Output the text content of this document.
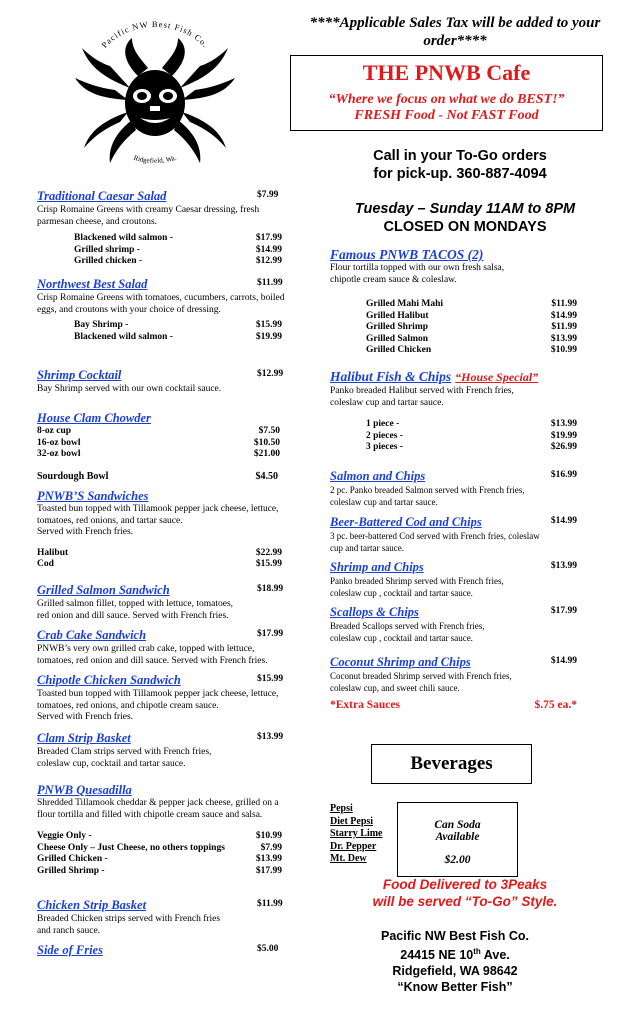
Pacific NW Best Fish Co.
Ridgefield, Wa.
****Applicable Sales Tax will be added to your order****
THE PNWB Cafe
“Where we focus on what we do BEST!”
FRESH Food - Not FAST Food
Call in your To-Go orders
for pick-up. 360-887-4094
Tuesday – Sunday 11AM to 8PM
CLOSED ON MONDAYS
Traditional Caesar Salad	$7.99
Crisp Romaine Greens with creamy Caesar dressing, fresh parmesan cheese, and croutons.
Blackened wild salmon -	$17.99
Grilled shrimp -	$14.99
Grilled chicken -	$12.99
Northwest Best Salad	$11.99
Crisp Romaine Greens with tomatoes, cucumbers, carrots, boiled eggs, and croutons with your choice of dressing.
Bay Shrimp -	$15.99
Blackened wild salmon -	$19.99
Shrimp Cocktail	$12.99
Bay Shrimp served with our own cocktail sauce.
House Clam Chowder
8-oz cup	$7.50
16-oz bowl	$10.50
32-oz bowl	$21.00
Sourdough Bowl	$4.50
PNWB’S Sandwiches
Toasted bun topped with Tillamook pepper jack cheese, lettuce, tomatoes, red onions, and tartar sauce.
Served with French fries.
Halibut	$22.99
Cod	$15.99
Grilled Salmon Sandwich	$18.99
Grilled salmon fillet, topped with lettuce, tomatoes, red onion and dill sauce. Served with French fries.
Crab Cake Sandwich	$17.99
PNWB’s very own grilled crab cake, topped with lettuce, tomatoes, red onion and dill sauce. Served with French fries.
Chipotle Chicken Sandwich	$15.99
Toasted bun topped with Tillamook pepper jack cheese, lettuce, tomatoes, red onions, and chipotle cream sauce.
Served with French fries.
Clam Strip Basket	$13.99
Breaded Clam strips served with French fries, coleslaw cup, cocktail and tartar sauce.
PNWB Quesadilla
Shredded Tillamook cheddar & pepper jack cheese, grilled on a flour tortilla and filled with chipotle cream sauce and salsa.
Veggie Only -	$10.99
Cheese Only – Just Cheese, no others toppings	$7.99
Grilled Chicken -	$13.99
Grilled Shrimp -	$17.99
Chicken Strip Basket	$11.99
Breaded Chicken strips served with French fries and ranch sauce.
Side of Fries	$5.00
Famous PNWB TACOS (2)
Flour tortilla topped with our own fresh salsa, chipotle cream sauce & coleslaw.
Grilled Mahi Mahi	$11.99
Grilled Halibut	$14.99
Grilled Shrimp	$11.99
Grilled Salmon	$13.99
Grilled Chicken	$10.99
Halibut Fish & Chips “House Special”
Panko breaded Halibut served with French fries, coleslaw cup and tartar sauce.
1 piece -	$13.99
2 pieces -	$19.99
3 pieces -	$26.99
Salmon and Chips	$16.99
2 pc. Panko breaded Salmon served with French fries, coleslaw cup and tartar sauce.
Beer-Battered Cod and Chips	$14.99
3 pc. beer-battered Cod served with French fries, coleslaw cup and tartar sauce.
Shrimp and Chips	$13.99
Panko breaded Shrimp served with French fries, coleslaw cup , cocktail and tartar sauce.
Scallops & Chips	$17.99
Breaded Scallops served with French fries, coleslaw cup , cocktail and tartar sauce.
Coconut Shrimp and Chips	$14.99
Coconut breaded Shrimp served with French fries, coleslaw cup, and sweet chili sauce.
*Extra Sauces	$.75 ea.*
Beverages
Pepsi
Diet Pepsi
Starry Lime
Dr. Pepper
Mt. Dew
Can Soda
Available
$2.00
Food Delivered to 3Peaks
will be served “To-Go” Style.
Pacific NW Best Fish Co.
24415 NE 10th Ave.
Ridgefield, WA 98642
“Know Better Fish”
